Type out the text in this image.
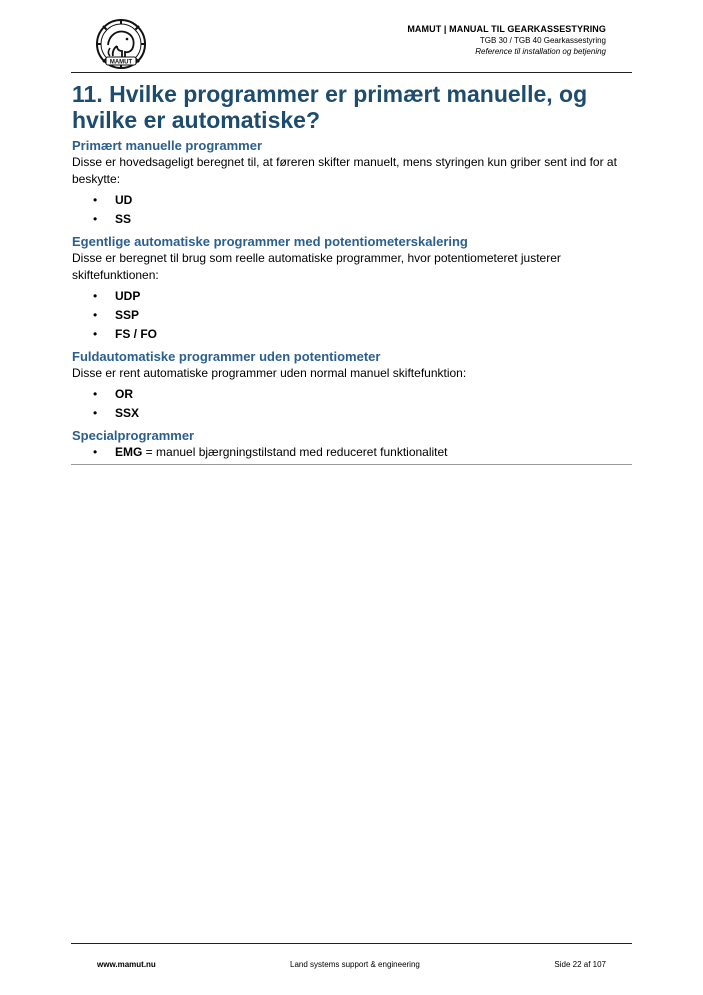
MAMUT
MAMUT | MANUAL TIL GEARKASSESTYRING
TGB 30 / TGB 40 Gearkassestyring
Reference til installation og betjening
11. Hvilke programmer er primært manuelle, og hvilke er automatiske?
Primært manuelle programmer

Disse er hovedsageligt beregnet til, at føreren skifter manuelt, mens styringen kun griber sent ind for at beskytte:

• UD
• SS
Egentlige automatiske programmer med potentiometerskalering

Disse er beregnet til brug som reelle automatiske programmer, hvor potentiometeret justerer skiftefunktionen:

• UDP
• SSP
• FS / FO
Fuldautomatiske programmer uden potentiometer

Disse er rent automatiske programmer uden normal manuel skiftefunktion:

• OR
• SSX
Specialprogrammer
• EMG = manuel bjærgningstilstand med reduceret funktionalitet
www.mamut.nu	Land systems support & engineering	Side 22 af 107
